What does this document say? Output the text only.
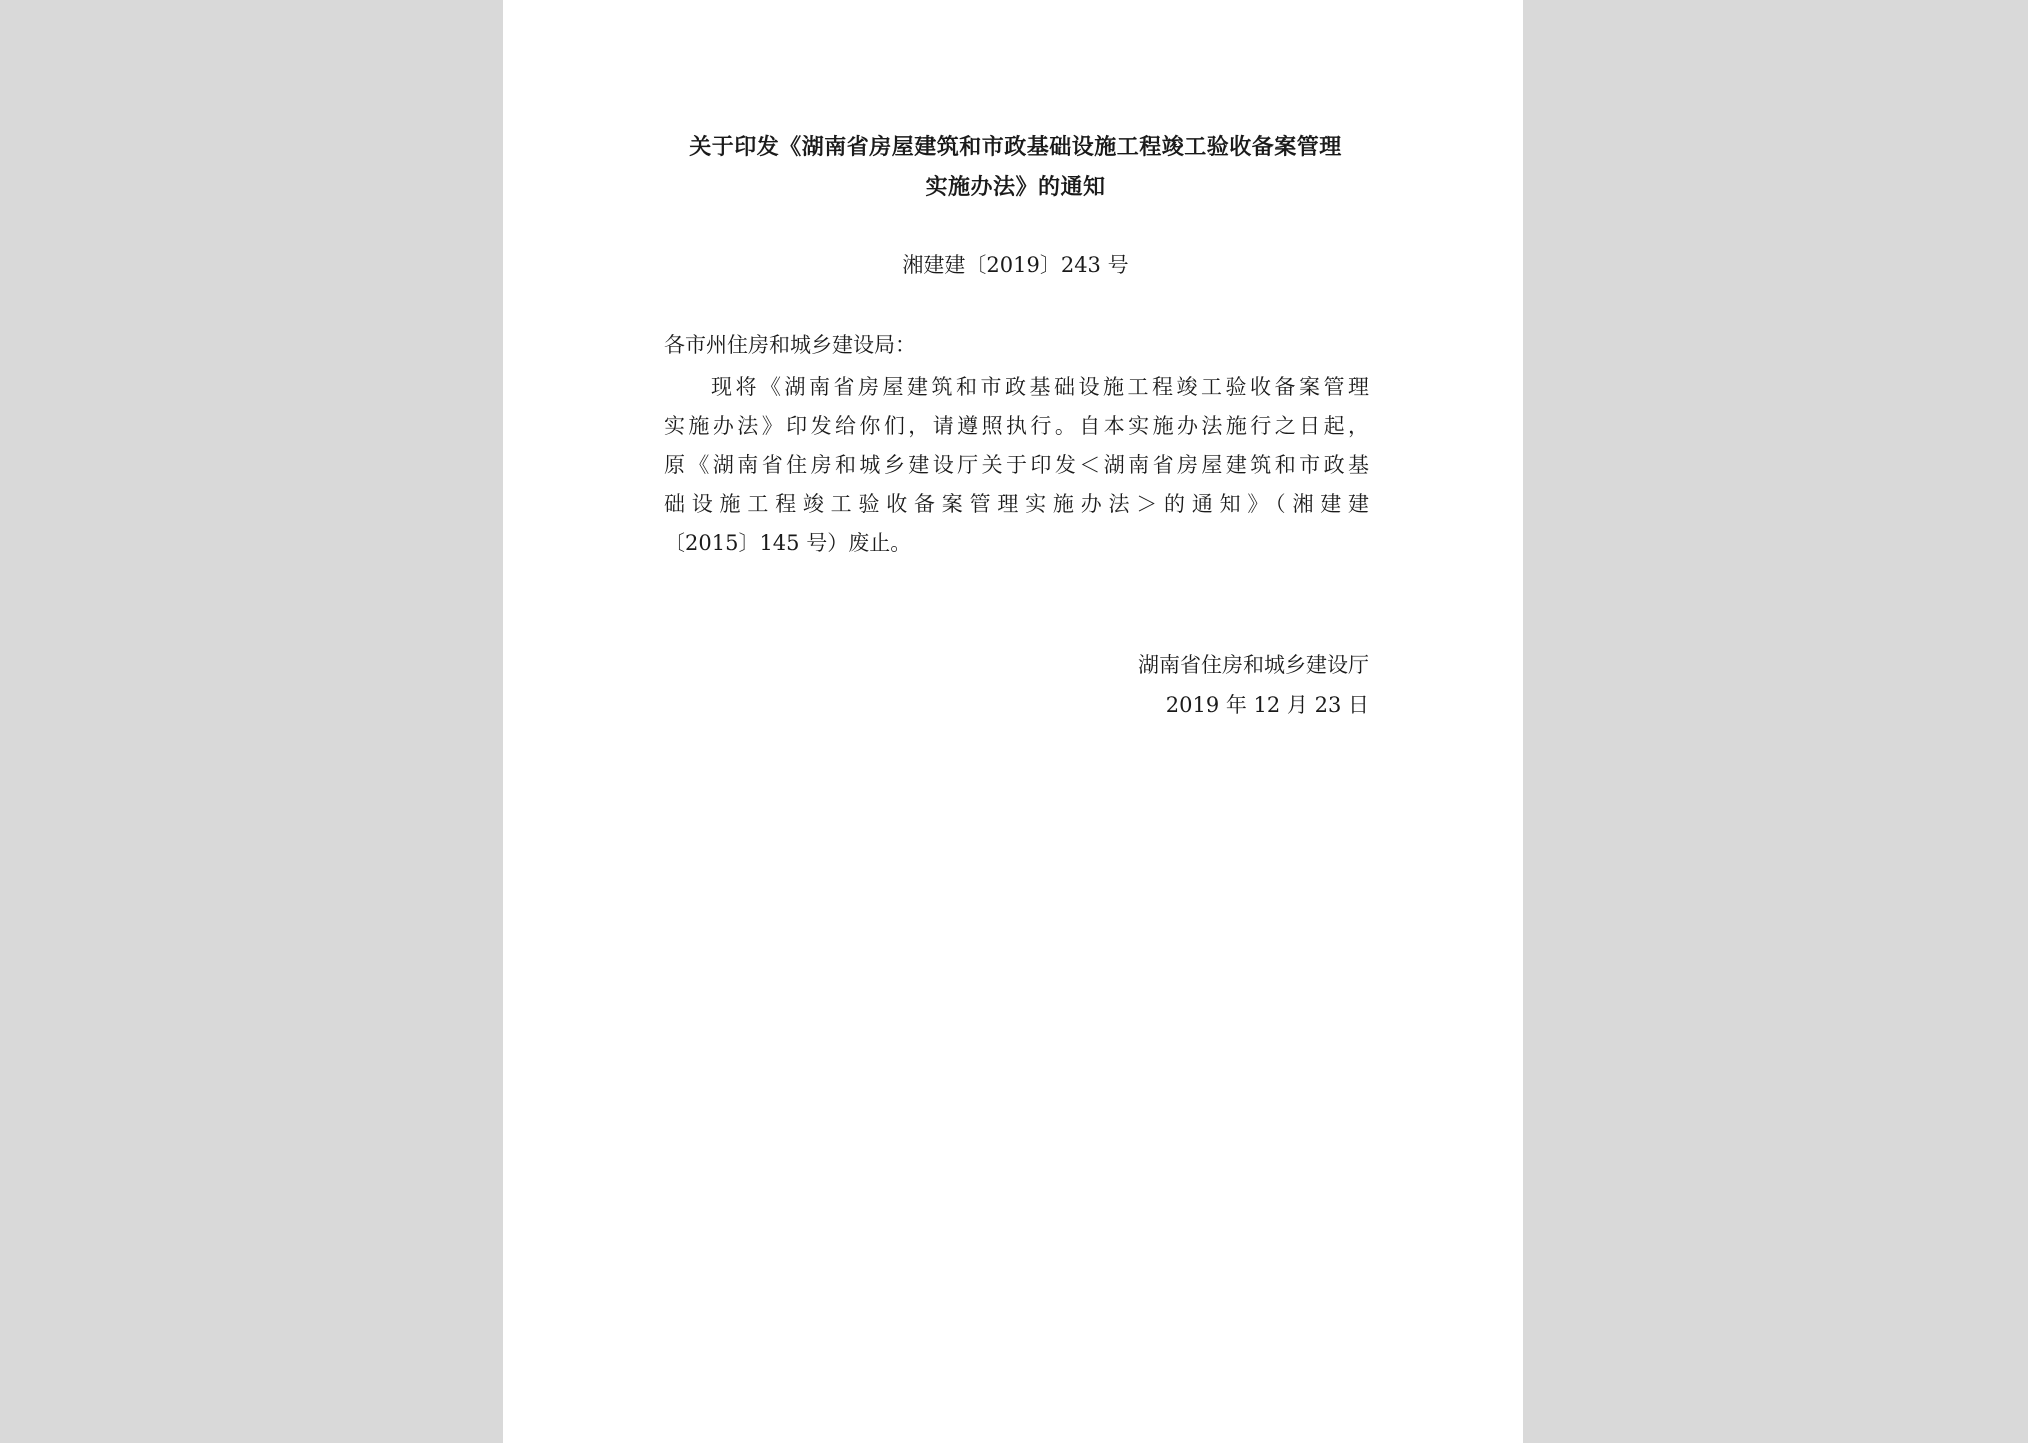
关于印发《湖南省房屋建筑和市政基础设施工程竣工验收备案管理
实施办法》的通知
湘建建〔2019〕243 号
各市州住房和城乡建设局：
现将《湖南省房屋建筑和市政基础设施工程竣工验收备案管理
实施办法》印发给你们，请遵照执行。自本实施办法施行之日起，
原《湖南省住房和城乡建设厅关于印发＜湖南省房屋建筑和市政基
础设施工程竣工验收备案管理实施办法＞的通知》（湘建建
〔2015〕145 号）废止。
湖南省住房和城乡建设厅
2019 年 12 月 23 日
